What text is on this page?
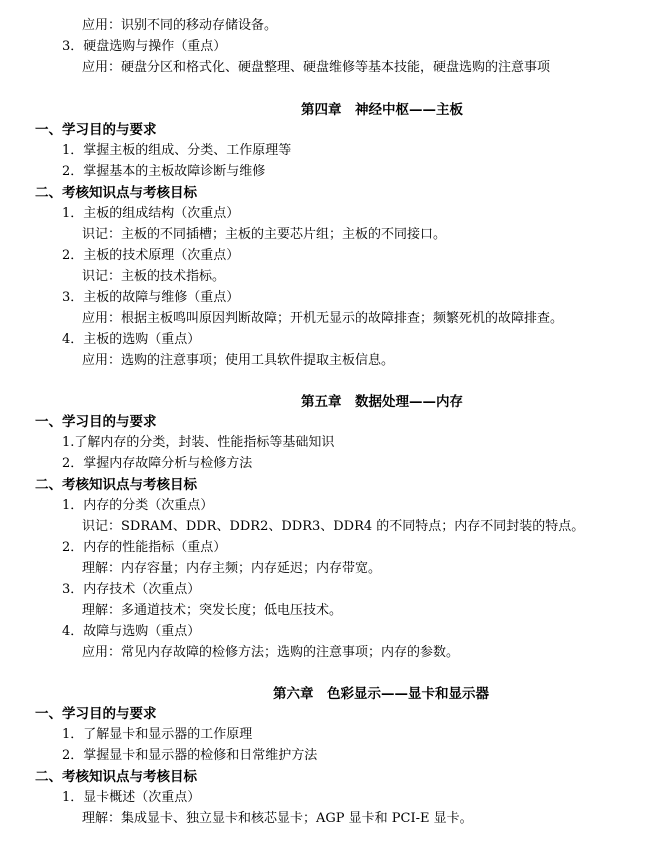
应用：识别不同的移动存储设备。
3．硬盘选购与操作（重点）
应用：硬盘分区和格式化、硬盘整理、硬盘维修等基本技能，硬盘选购的注意事项
第四章　神经中枢——主板
一、学习目的与要求
1．掌握主板的组成、分类、工作原理等
2．掌握基本的主板故障诊断与维修
二、考核知识点与考核目标
1．主板的组成结构（次重点）
识记：主板的不同插槽；主板的主要芯片组；主板的不同接口。
2．主板的技术原理（次重点）
识记：主板的技术指标。
3．主板的故障与维修（重点）
应用：根据主板鸣叫原因判断故障；开机无显示的故障排查；频繁死机的故障排查。
4．主板的选购（重点）
应用：选购的注意事项；使用工具软件提取主板信息。
第五章　数据处理——内存
一、学习目的与要求
1.了解内存的分类，封装、性能指标等基础知识
2．掌握内存故障分析与检修方法
二、考核知识点与考核目标
1．内存的分类（次重点）
识记：SDRAM、DDR、DDR2、DDR3、DDR4 的不同特点；内存不同封装的特点。
2．内存的性能指标（重点）
理解：内存容量；内存主频；内存延迟；内存带宽。
3．内存技术（次重点）
理解：多通道技术；突发长度；低电压技术。
4．故障与选购（重点）
应用：常见内存故障的检修方法；选购的注意事项；内存的参数。
第六章　色彩显示——显卡和显示器
一、学习目的与要求
1．了解显卡和显示器的工作原理
2．掌握显卡和显示器的检修和日常维护方法
二、考核知识点与考核目标
1．显卡概述（次重点）
理解：集成显卡、独立显卡和核芯显卡；AGP 显卡和 PCI-E 显卡。
